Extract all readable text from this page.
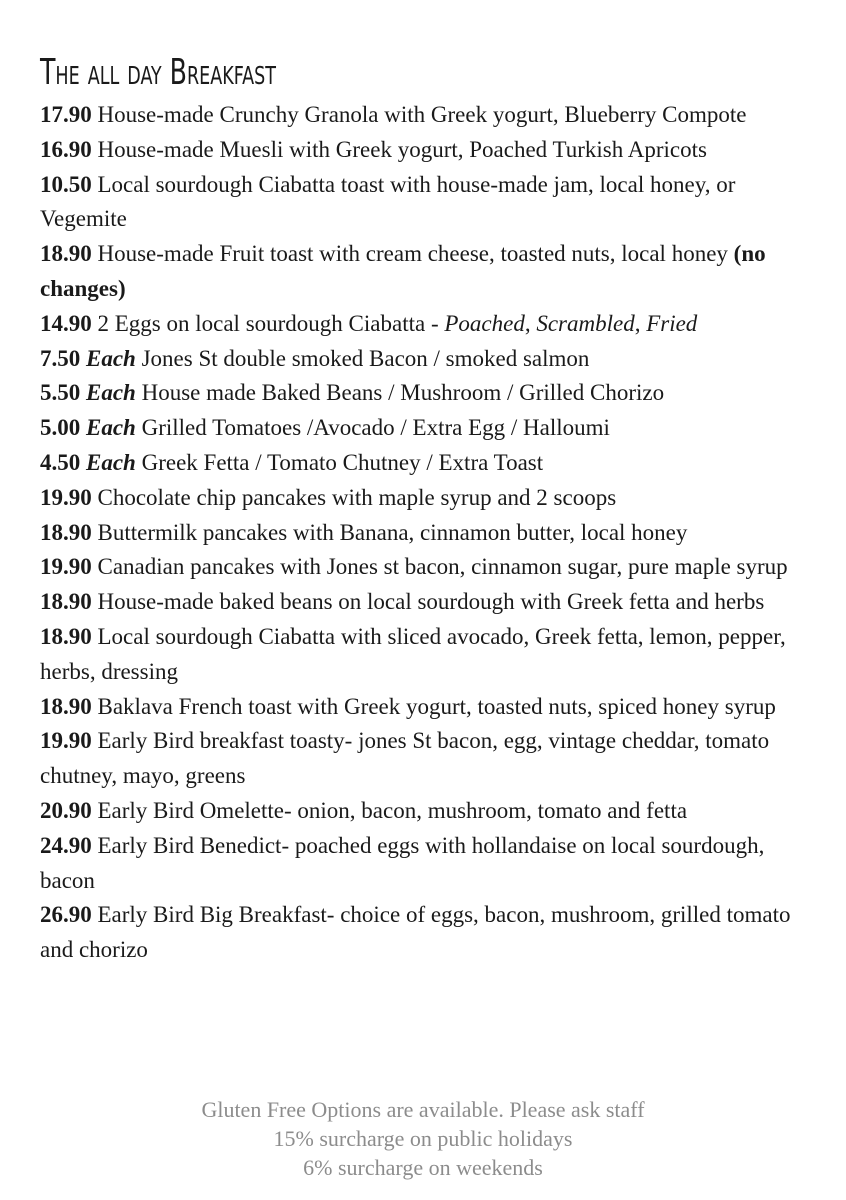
The all day Breakfast

17.90 House-made Crunchy Granola with Greek yogurt, Blueberry Compote

16.90 House-made Muesli with Greek yogurt, Poached Turkish Apricots

10.50 Local sourdough Ciabatta toast with house-made jam, local honey, or Vegemite

18.90 House-made Fruit toast with cream cheese, toasted nuts, local honey (no changes)

14.90 2 Eggs on local sourdough Ciabatta - Poached, Scrambled, Fried

7.50 Each Jones St double smoked Bacon / smoked salmon

5.50 Each House made Baked Beans / Mushroom / Grilled Chorizo

5.00 Each Grilled Tomatoes /Avocado / Extra Egg / Halloumi

4.50 Each Greek Fetta / Tomato Chutney / Extra Toast

19.90 Chocolate chip pancakes with maple syrup and 2 scoops

18.90 Buttermilk pancakes with Banana, cinnamon butter, local honey

19.90 Canadian pancakes with Jones st bacon, cinnamon sugar, pure maple syrup

18.90 House-made baked beans on local sourdough with Greek fetta and herbs

18.90 Local sourdough Ciabatta with sliced avocado, Greek fetta, lemon, pepper, herbs, dressing

18.90 Baklava French toast with Greek yogurt, toasted nuts, spiced honey syrup

19.90 Early Bird breakfast toasty- jones St bacon, egg, vintage cheddar, tomato chutney, mayo, greens

20.90 Early Bird Omelette- onion, bacon, mushroom, tomato and fetta

24.90 Early Bird Benedict- poached eggs with hollandaise on local sourdough, bacon

26.90 Early Bird Big Breakfast- choice of eggs, bacon, mushroom, grilled tomato and chorizo

Gluten Free Options are available. Please ask staff
15% surcharge on public holidays
6% surcharge on weekends
